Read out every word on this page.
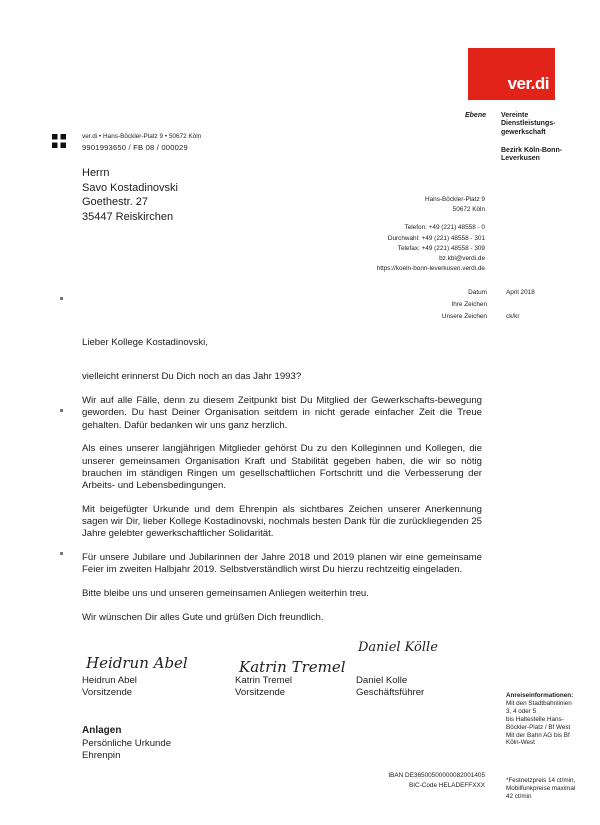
ver.di
Ebene Vereinte
Dienstleistungs-
gewerkschaft
Bezirk Köln-Bonn-
Leverkusen
ver.di • Hans-Böckler-Platz 9 • 50672 Köln
9901993650 / FB 08 / 000029
Herrn
Savo Kostadinovski
Goethestr. 27
35447 Reiskirchen
Hans-Böckler-Platz 9
50672 Köln
Telefon: +49 (221) 48558 - 0
Durchwahl: +49 (221) 48558 - 301
Telefax: +49 (221) 48558 - 309
bz.kbl@verdi.de
https://koeln-bonn-leverkusen.verdi.de
Datum
Ihre Zeichen
Unsere Zeichen
April 2018
ck/kr

Lieber Kollege Kostadinovski,

vielleicht erinnerst Du Dich noch an das Jahr 1993?

Wir auf alle Fälle, denn zu diesem Zeitpunkt bist Du Mitglied der Gewerkschafts-bewegung geworden. Du hast Deiner Organisation seitdem in nicht gerade einfacher Zeit die Treue gehalten. Dafür bedanken wir uns ganz herzlich.

Als eines unserer langjährigen Mitglieder gehörst Du zu den Kolleginnen und Kollegen, die unserer gemeinsamen Organisation Kraft und Stabilität gegeben haben, die wir so nötig brauchen im ständigen Ringen um gesellschaftlichen Fortschritt und die Verbesserung der Arbeits- und Lebensbedingungen.

Mit beigefügter Urkunde und dem Ehrenpin als sichtbares Zeichen unserer Anerkennung sagen wir Dir, lieber Kollege Kostadinovski, nochmals besten Dank für die zurückliegenden 25 Jahre gelebter gewerkschaftlicher Solidarität.

Für unsere Jubilare und Jubilarinnen der Jahre 2018 und 2019 planen wir eine gemeinsame Feier im zweiten Halbjahr 2019. Selbstverständlich wirst Du hierzu rechtzeitig eingeladen.

Bitte bleibe uns und unseren gemeinsamen Anliegen weiterhin treu.

Wir wünschen Dir alles Gute und grüßen Dich freundlich.

Heidrun Abel
Heidrun Abel
Vorsitzende
Katrin Tremel
Katrin Tremel
Vorsitzende
Daniel Kölle
Daniel Kolle
Geschäftsführer
Anlagen
Persönliche Urkunde
Ehrenpin
IBAN DE36500500000082001405
BIC-Code HELADEFFXXX
Anreiseinformationen:
Mit den Stadtbahnlinien
3, 4 oder 5
bis Haltestelle Hans-
Böckler-Platz / Bf West
Mit der Bahn AG bis Bf
Köln-West
*Festnetzpreis 14 ct/min,
Mobilfunkpreise maximal
42 ct/min
